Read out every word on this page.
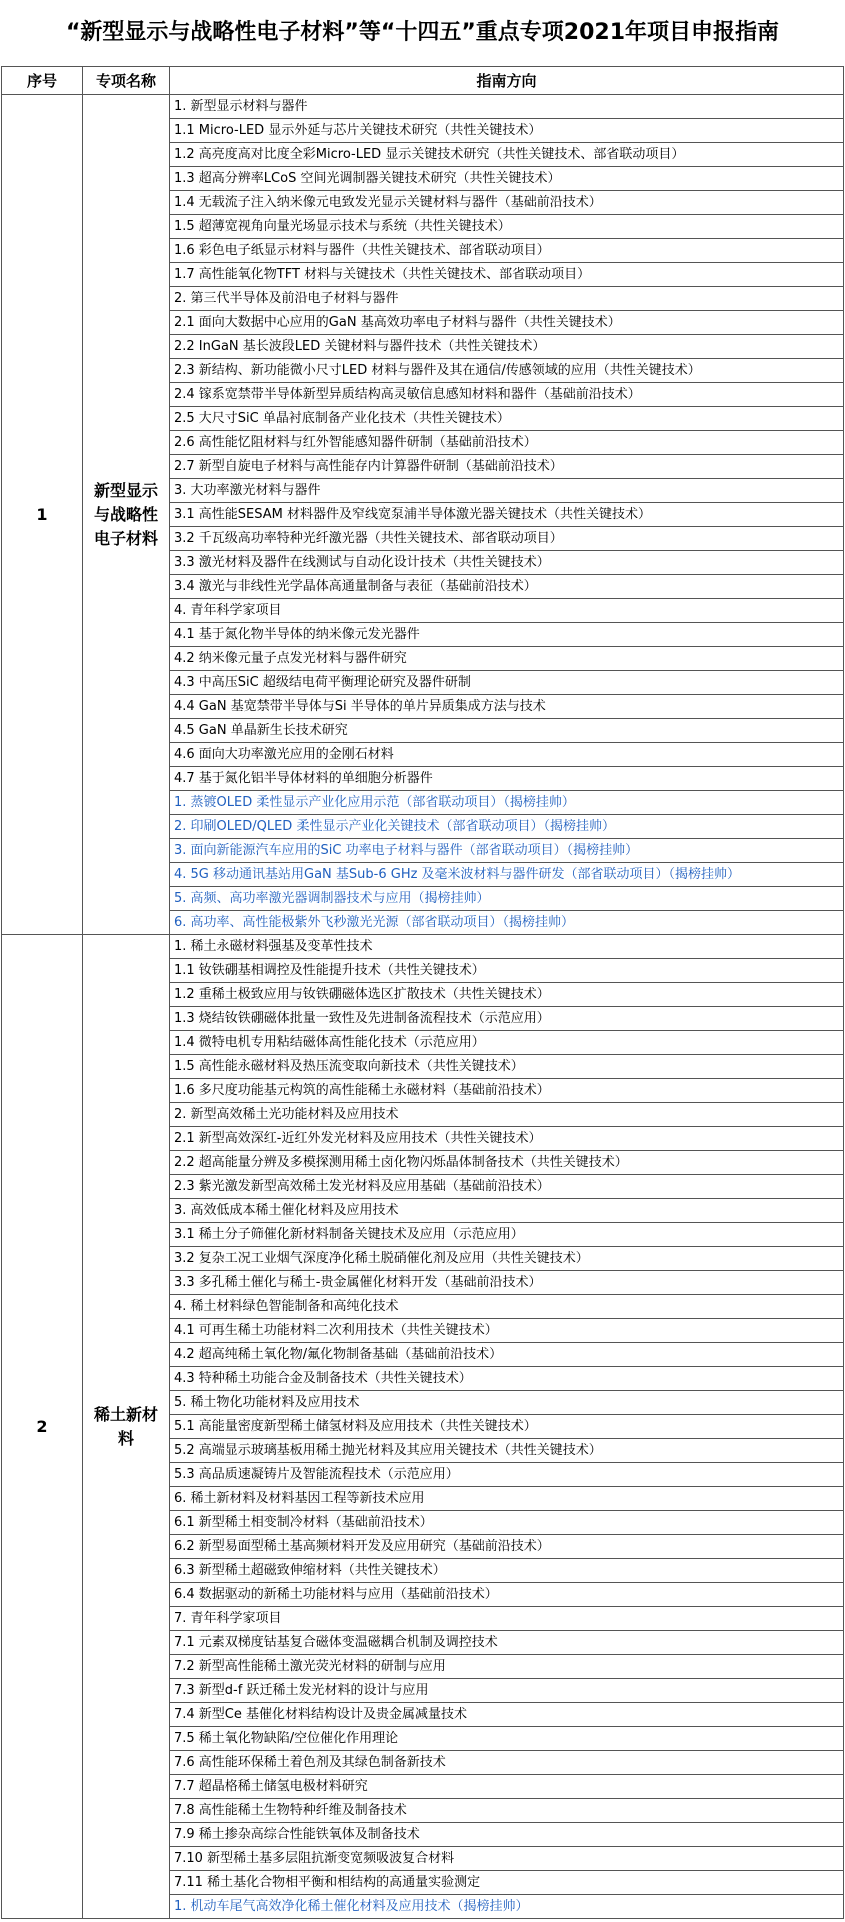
“新型显示与战略性电子材料”等“十四五”重点专项2021年项目申报指南
序号	专项名称	指南方向
1	新型显示与战略性电子材料	1. 新型显示材料与器件
		1.1 Micro-LED 显示外延与芯片关键技术研究（共性关键技术）
		1.2 高亮度高对比度全彩Micro-LED 显示关键技术研究（共性关键技术、部省联动项目）
		1.3 超高分辨率LCoS 空间光调制器关键技术研究（共性关键技术）
		1.4 无载流子注入纳米像元电致发光显示关键材料与器件（基础前沿技术）
		1.5 超薄宽视角向量光场显示技术与系统（共性关键技术）
		1.6 彩色电子纸显示材料与器件（共性关键技术、部省联动项目）
		1.7 高性能氧化物TFT 材料与关键技术（共性关键技术、部省联动项目）
		2. 第三代半导体及前沿电子材料与器件
		2.1 面向大数据中心应用的GaN 基高效功率电子材料与器件（共性关键技术）
		2.2 InGaN 基长波段LED 关键材料与器件技术（共性关键技术）
		2.3 新结构、新功能微小尺寸LED 材料与器件及其在通信/传感领域的应用（共性关键技术）
		2.4 镓系宽禁带半导体新型异质结构高灵敏信息感知材料和器件（基础前沿技术）
		2.5 大尺寸SiC 单晶衬底制备产业化技术（共性关键技术）
		2.6 高性能忆阻材料与红外智能感知器件研制（基础前沿技术）
		2.7 新型自旋电子材料与高性能存内计算器件研制（基础前沿技术）
		3. 大功率激光材料与器件
		3.1 高性能SESAM 材料器件及窄线宽泵浦半导体激光器关键技术（共性关键技术）
		3.2 千瓦级高功率特种光纤激光器（共性关键技术、部省联动项目）
		3.3 激光材料及器件在线测试与自动化设计技术（共性关键技术）
		3.4 激光与非线性光学晶体高通量制备与表征（基础前沿技术）
		4. 青年科学家项目
		4.1 基于氮化物半导体的纳米像元发光器件
		4.2 纳米像元量子点发光材料与器件研究
		4.3 中高压SiC 超级结电荷平衡理论研究及器件研制
		4.4 GaN 基宽禁带半导体与Si 半导体的单片异质集成方法与技术
		4.5 GaN 单晶新生长技术研究
		4.6 面向大功率激光应用的金刚石材料
		4.7 基于氮化铝半导体材料的单细胞分析器件
		1. 蒸镀OLED 柔性显示产业化应用示范（部省联动项目）（揭榜挂帅）
		2. 印刷OLED/QLED 柔性显示产业化关键技术（部省联动项目）（揭榜挂帅）
		3. 面向新能源汽车应用的SiC 功率电子材料与器件（部省联动项目）（揭榜挂帅）
		4. 5G 移动通讯基站用GaN 基Sub-6 GHz 及毫米波材料与器件研发（部省联动项目）（揭榜挂帅）
		5. 高频、高功率激光器调制器技术与应用（揭榜挂帅）
		6. 高功率、高性能极紫外飞秒激光光源（部省联动项目）（揭榜挂帅）
2	稀土新材料	1. 稀土永磁材料强基及变革性技术
		1.1 钕铁硼基相调控及性能提升技术（共性关键技术）
		1.2 重稀土极致应用与钕铁硼磁体选区扩散技术（共性关键技术）
		1.3 烧结钕铁硼磁体批量一致性及先进制备流程技术（示范应用）
		1.4 微特电机专用粘结磁体高性能化技术（示范应用）
		1.5 高性能永磁材料及热压流变取向新技术（共性关键技术）
		1.6 多尺度功能基元构筑的高性能稀土永磁材料（基础前沿技术）
		2. 新型高效稀土光功能材料及应用技术
		2.1 新型高效深红-近红外发光材料及应用技术（共性关键技术）
		2.2 超高能量分辨及多模探测用稀土卤化物闪烁晶体制备技术（共性关键技术）
		2.3 紫光激发新型高效稀土发光材料及应用基础（基础前沿技术）
		3. 高效低成本稀土催化材料及应用技术
		3.1 稀土分子筛催化新材料制备关键技术及应用（示范应用）
		3.2 复杂工况工业烟气深度净化稀土脱硝催化剂及应用（共性关键技术）
		3.3 多孔稀土催化与稀土-贵金属催化材料开发（基础前沿技术）
		4. 稀土材料绿色智能制备和高纯化技术
		4.1 可再生稀土功能材料二次利用技术（共性关键技术）
		4.2 超高纯稀土氧化物/氟化物制备基础（基础前沿技术）
		4.3 特种稀土功能合金及制备技术（共性关键技术）
		5. 稀土物化功能材料及应用技术
		5.1 高能量密度新型稀土储氢材料及应用技术（共性关键技术）
		5.2 高端显示玻璃基板用稀土抛光材料及其应用关键技术（共性关键技术）
		5.3 高品质速凝铸片及智能流程技术（示范应用）
		6. 稀土新材料及材料基因工程等新技术应用
		6.1 新型稀土相变制冷材料（基础前沿技术）
		6.2 新型易面型稀土基高频材料开发及应用研究（基础前沿技术）
		6.3 新型稀土超磁致伸缩材料（共性关键技术）
		6.4 数据驱动的新稀土功能材料与应用（基础前沿技术）
		7. 青年科学家项目
		7.1 元素双梯度钴基复合磁体变温磁耦合机制及调控技术
		7.2 新型高性能稀土激光荧光材料的研制与应用
		7.3 新型d-f 跃迁稀土发光材料的设计与应用
		7.4 新型Ce 基催化材料结构设计及贵金属减量技术
		7.5 稀土氧化物缺陷/空位催化作用理论
		7.6 高性能环保稀土着色剂及其绿色制备新技术
		7.7 超晶格稀土储氢电极材料研究
		7.8 高性能稀土生物特种纤维及制备技术
		7.9 稀土掺杂高综合性能铁氧体及制备技术
		7.10 新型稀土基多层阻抗渐变宽频吸波复合材料
		7.11 稀土基化合物相平衡和相结构的高通量实验测定
		1. 机动车尾气高效净化稀土催化材料及应用技术（揭榜挂帅）
